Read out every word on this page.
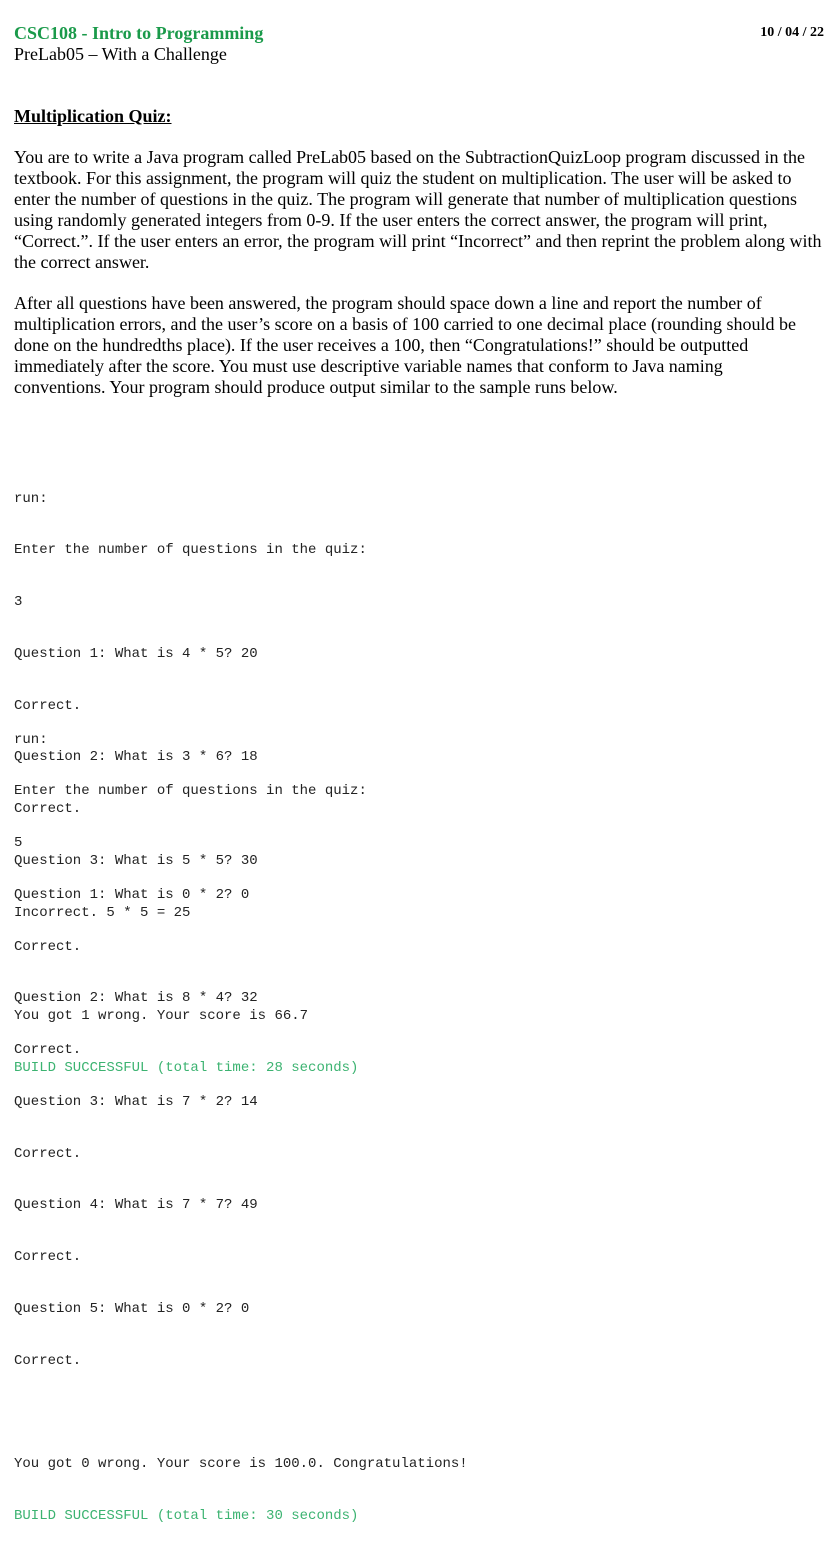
CSC108 - Intro to Programming
PreLab05 – With a Challenge
10 / 04 / 22
Multiplication Quiz:

You are to write a Java program called PreLab05 based on the SubtractionQuizLoop program discussed in the
textbook. For this assignment, the program will quiz the student on multiplication. The user will be asked to
enter the number of questions in the quiz. The program will generate that number of multiplication questions
using randomly generated integers from 0-9. If the user enters the correct answer, the program will print,
“Correct.”. If the user enters an error, the program will print “Incorrect” and then reprint the problem along with
the correct answer.

After all questions have been answered, the program should space down a line and report the number of
multiplication errors, and the user’s score on a basis of 100 carried to one decimal place (rounding should be
done on the hundredths place). If the user receives a 100, then “Congratulations!” should be outputted
immediately after the score. You must use descriptive variable names that conform to Java naming
conventions. Your program should produce output similar to the sample runs below.

run:

Enter the number of questions in the quiz:

3

Question 1: What is 4 * 5? 20

Correct.

Question 2: What is 3 * 6? 18

Correct.

Question 3: What is 5 * 5? 30

Incorrect. 5 * 5 = 25

You got 1 wrong. Your score is 66.7

BUILD SUCCESSFUL (total time: 28 seconds)

run:

Enter the number of questions in the quiz:

5

Question 1: What is 0 * 2? 0

Correct.

Question 2: What is 8 * 4? 32

Correct.

Question 3: What is 7 * 2? 14

Correct.

Question 4: What is 7 * 7? 49

Correct.

Question 5: What is 0 * 2? 0

Correct.

You got 0 wrong. Your score is 100.0. Congratulations!

BUILD SUCCESSFUL (total time: 30 seconds)
